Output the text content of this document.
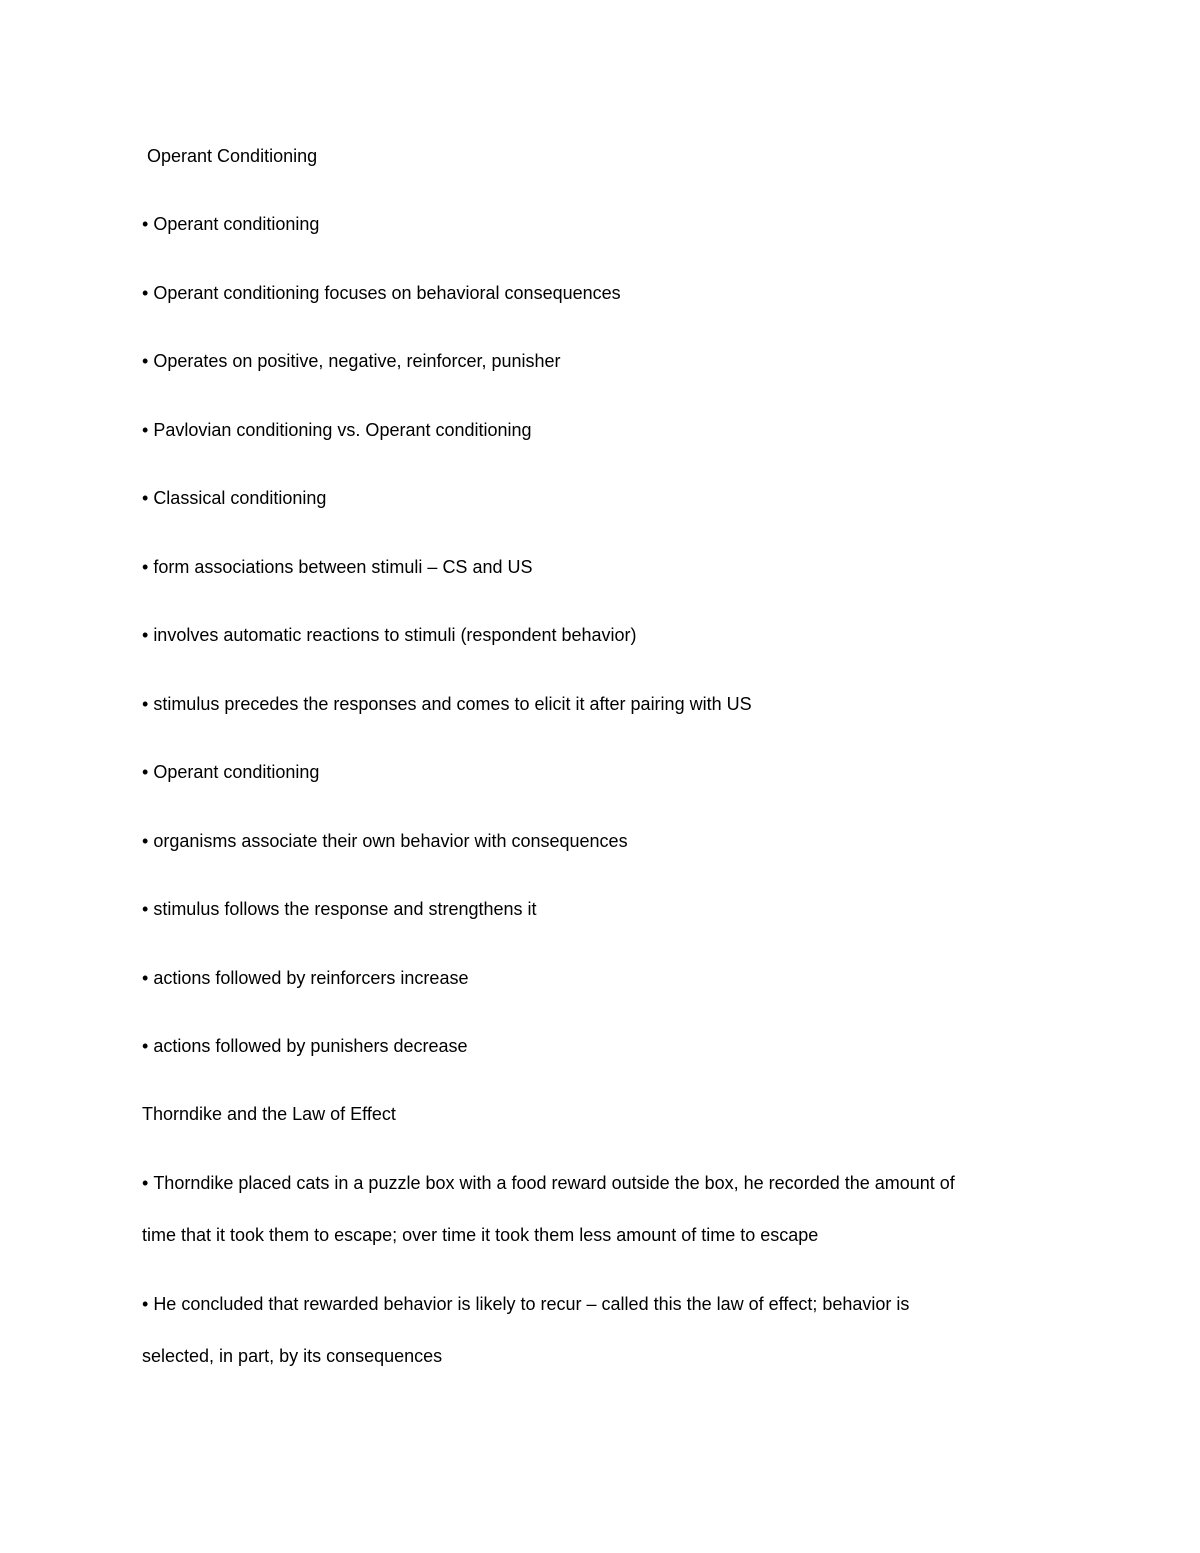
Operant Conditioning
• Operant conditioning
• Operant conditioning focuses on behavioral consequences
• Operates on positive, negative, reinforcer, punisher
• Pavlovian conditioning vs. Operant conditioning
• Classical conditioning
• form associations between stimuli – CS and US
• involves automatic reactions to stimuli (respondent behavior)
• stimulus precedes the responses and comes to elicit it after pairing with US
• Operant conditioning
• organisms associate their own behavior with consequences
• stimulus follows the response and strengthens it
• actions followed by reinforcers increase
• actions followed by punishers decrease
Thorndike and the Law of Effect
• Thorndike placed cats in a puzzle box with a food reward outside the box, he recorded the amount of
time that it took them to escape; over time it took them less amount of time to escape
• He concluded that rewarded behavior is likely to recur – called this the law of effect; behavior is
selected, in part, by its consequences
